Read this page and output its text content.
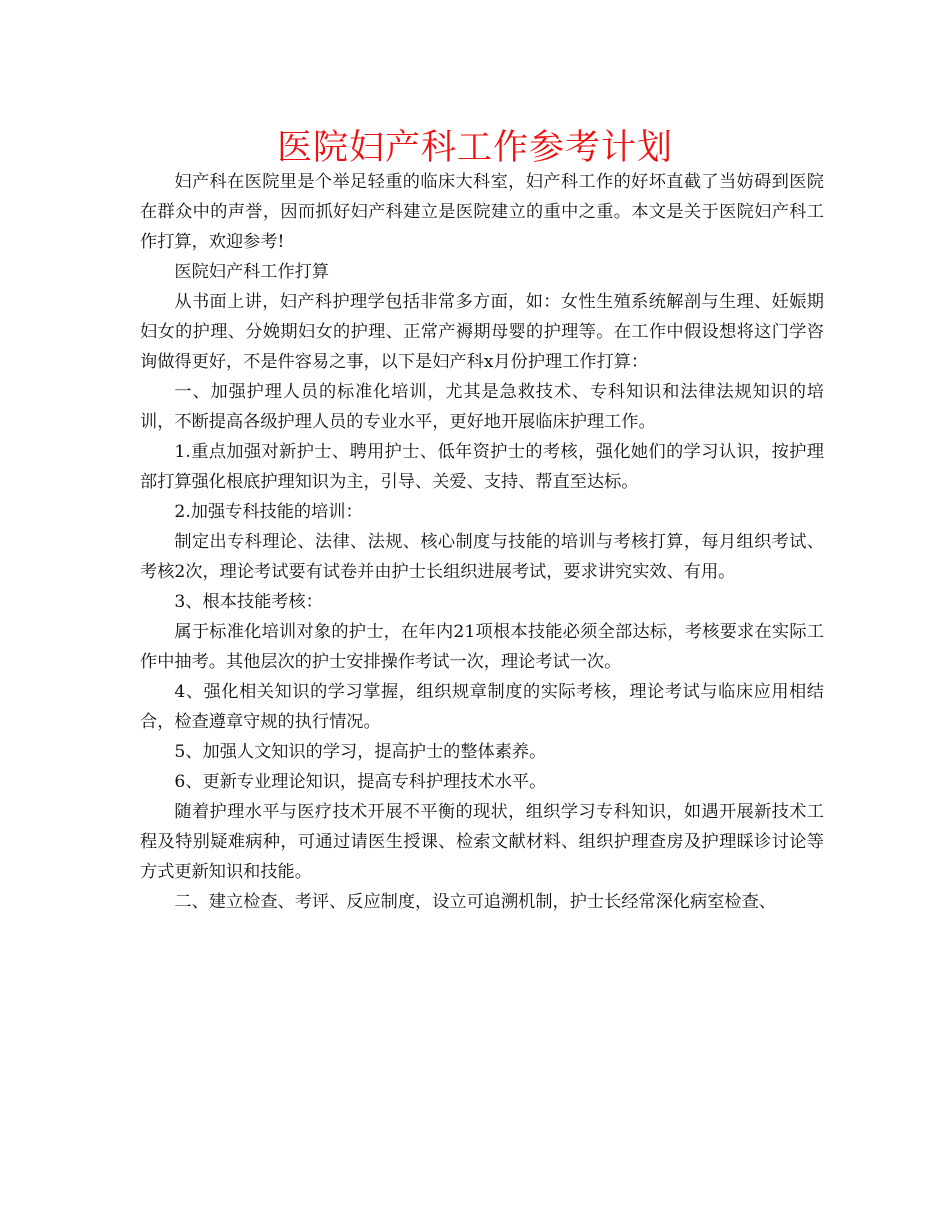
医院妇产科工作参考计划

妇产科在医院里是个举足轻重的临床大科室，妇产科工作的好坏直截了当妨碍到医院在群众中的声誉，因而抓好妇产科建立是医院建立的重中之重。本文是关于医院妇产科工作打算，欢迎参考!

医院妇产科工作打算

从书面上讲，妇产科护理学包括非常多方面，如：女性生殖系统解剖与生理、妊娠期妇女的护理、分娩期妇女的护理、正常产褥期母婴的护理等。在工作中假设想将这门学咨询做得更好，不是件容易之事，以下是妇产科x月份护理工作打算：

一、加强护理人员的标准化培训，尤其是急救技术、专科知识和法律法规知识的培训，不断提高各级护理人员的专业水平，更好地开展临床护理工作。

1.重点加强对新护士、聘用护士、低年资护士的考核，强化她们的学习认识，按护理部打算强化根底护理知识为主，引导、关爱、支持、帮直至达标。

2.加强专科技能的培训：

制定出专科理论、法律、法规、核心制度与技能的培训与考核打算，每月组织考试、考核2次，理论考试要有试卷并由护士长组织进展考试，要求讲究实效、有用。

3、根本技能考核：

属于标准化培训对象的护士，在年内21项根本技能必须全部达标，考核要求在实际工作中抽考。其他层次的护士安排操作考试一次，理论考试一次。

4、强化相关知识的学习掌握，组织规章制度的实际考核，理论考试与临床应用相结合，检查遵章守规的执行情况。

5、加强人文知识的学习，提高护士的整体素养。

6、更新专业理论知识，提高专科护理技术水平。

随着护理水平与医疗技术开展不平衡的现状，组织学习专科知识，如遇开展新技术工程及特别疑难病种，可通过请医生授课、检索文献材料、组织护理查房及护理睬诊讨论等方式更新知识和技能。

二、建立检查、考评、反应制度，设立可追溯机制，护士长经常深化病室检查、
